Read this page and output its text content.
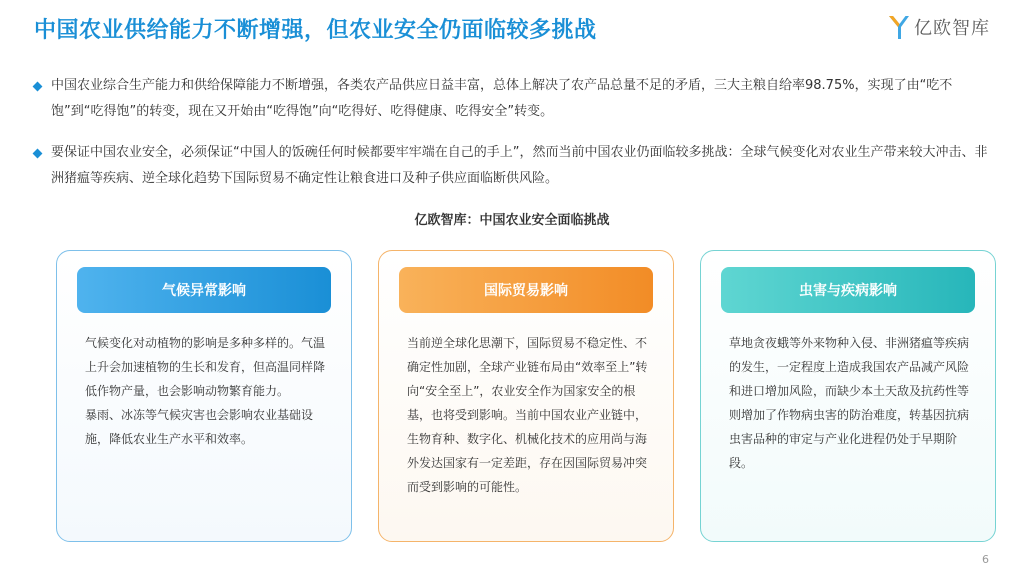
中国农业供给能力不断增强，但农业安全仍面临较多挑战	亿欧智库
中国农业综合生产能力和供给保障能力不断增强，各类农产品供应日益丰富，总体上解决了农产品总量不足的矛盾，三大主粮自给率98.75%，实现了由“吃不饱”到“吃得饱”的转变，现在又开始由“吃得饱”向“吃得好、吃得健康、吃得安全”转变。
要保证中国农业安全，必须保证“中国人的饭碗任何时候都要牢牢端在自己的手上”，然而当前中国农业仍面临较多挑战：全球气候变化对农业生产带来较大冲击、非洲猪瘟等疾病、逆全球化趋势下国际贸易不确定性让粮食进口及种子供应面临断供风险。
亿欧智库：中国农业安全面临挑战
气候异常影响

气候变化对动植物的影响是多种多样的。气温上升会加速植物的生长和发育，但高温同样降低作物产量，也会影响动物繁育能力。

暴雨、冰冻等气候灾害也会影响农业基础设施，降低农业生产水平和效率。

国际贸易影响

当前逆全球化思潮下，国际贸易不稳定性、不确定性加剧，全球产业链布局由“效率至上”转向“安全至上”，农业安全作为国家安全的根基，也将受到影响。当前中国农业产业链中，生物育种、数字化、机械化技术的应用尚与海外发达国家有一定差距，存在因国际贸易冲突而受到影响的可能性。

虫害与疾病影响

草地贪夜蛾等外来物种入侵、非洲猪瘟等疾病的发生，一定程度上造成我国农产品减产风险和进口增加风险，而缺少本土天敌及抗药性等则增加了作物病虫害的防治难度，转基因抗病虫害品种的审定与产业化进程仍处于早期阶段。

6
